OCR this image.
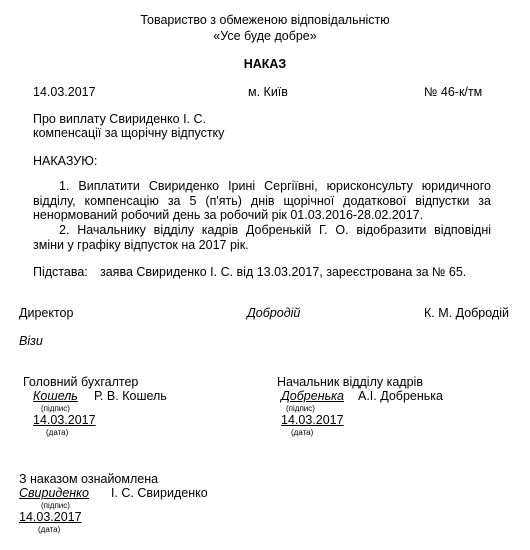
Товариство з обмеженою відповідальністю
«Усе буде добре»
НАКАЗ
14.03.2017	м. Київ	№ 46-к/тм
Про виплату Свириденко І. С.
компенсації за щорічну відпустку
НАКАЗУЮ:
1. Виплатити Свириденко Ірині Сергіївні, юрисконсульту юридичного відділу, компенсацію за 5 (п'ять) днів щорічної додаткової відпустки за ненормований робочий день за робочий рік 01.03.2016-28.02.2017.
2. Начальнику відділу кадрів Добренькій Г. О. відобразити відповідні зміни у графіку відпусток на 2017 рік.
Підстава: заява Свириденко І. С. від 13.03.2017, зареєстрована за № 65.
Директор	Добродій	К. М. Добродій
Візи
Головний бухгалтер
Кошель Р. В. Кошель
(підпис)
14.03.2017
(дата)
Начальник відділу кадрів
Добренька А.І. Добренька
(підпис)
14.03.2017
(дата)
З наказом ознайомлена
Свириденко І. С. Свириденко
(підпис)
14.03.2017
(дата)
